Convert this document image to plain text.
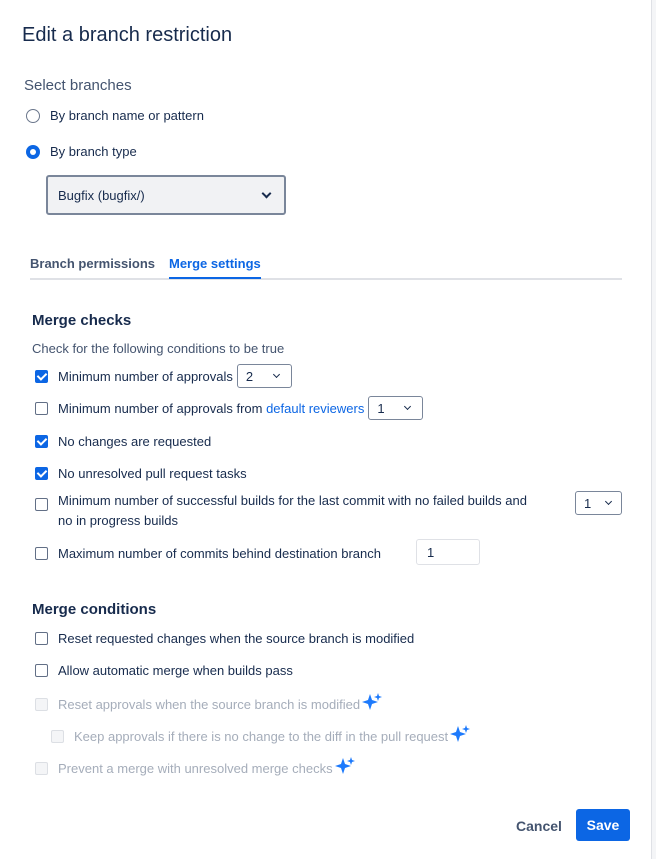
Edit a branch restriction
Select branches
By branch name or pattern
By branch type
Bugfix (bugfix/)
Branch permissions Merge settings
Merge checks
Check for the following conditions to be true
Minimum number of approvals 2
Minimum number of approvals from default reviewers 1
No changes are requested
No unresolved pull request tasks
Minimum number of successful builds for the last commit with no failed builds and
no in progress builds
1
Maximum number of commits behind destination branch	1
Merge conditions
Reset requested changes when the source branch is modified
Allow automatic merge when builds pass
Reset approvals when the source branch is modified
Keep approvals if there is no change to the diff in the pull request
Prevent a merge with unresolved merge checks
Cancel	Save
